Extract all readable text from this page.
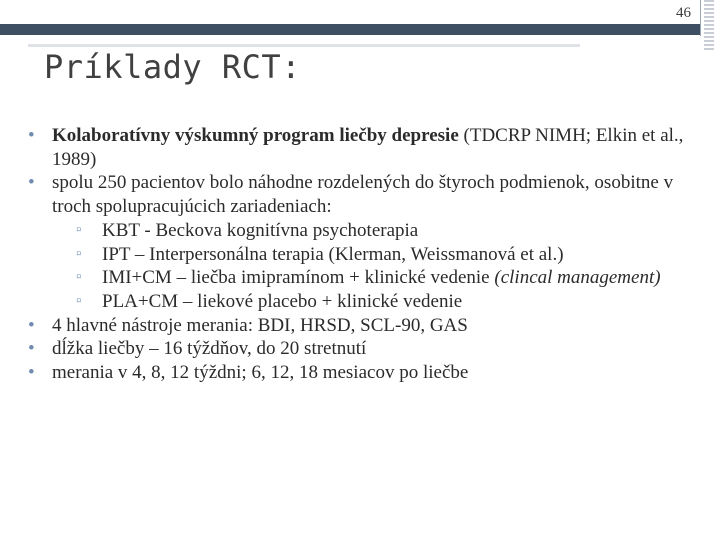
46
Príklady RCT:

• Kolaboratívny výskumný program liečby depresie (TDCRP NIMH; Elkin et al., 1989)

• spolu 250 pacientov bolo náhodne rozdelených do štyroch podmienok, osobitne v troch spolupracujúcich zariadeniach:

▫ KBT - Beckova kognitívna psychoterapia

▫ IPT – Interpersonálna terapia (Klerman, Weissmanová et al.)

▫ IMI+CM – liečba imipramínom + klinické vedenie (clincal management)

▫ PLA+CM – liekové placebo + klinické vedenie

• 4 hlavné nástroje merania: BDI, HRSD, SCL-90, GAS

• dĺžka liečby – 16 týždňov, do 20 stretnutí

• merania v 4, 8, 12 týždni; 6, 12, 18 mesiacov po liečbe
